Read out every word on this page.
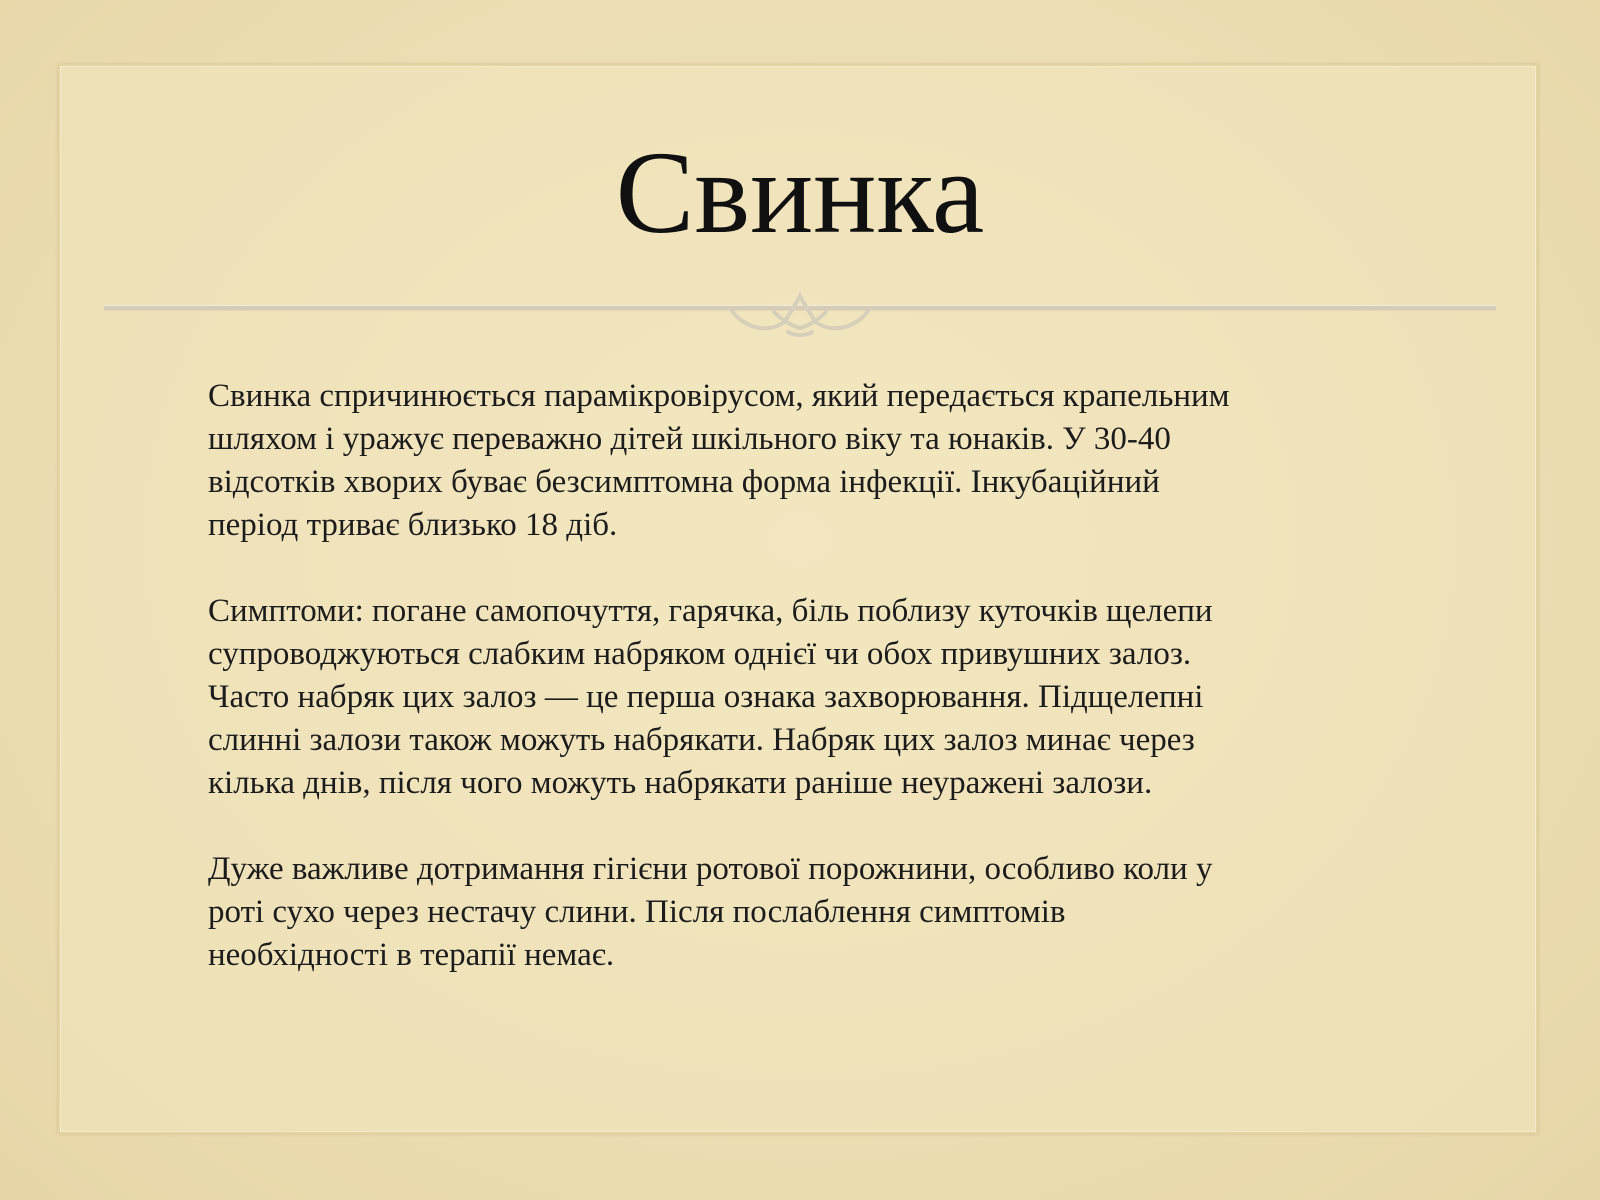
Свинка

Свинка спричинюється парамікровірусом, який передається крапельним
шляхом і уражує переважно дітей шкільного віку та юнаків. У 30-40
відсотків хворих буває безсимптомна форма інфекції. Інкубаційний
період триває близько 18 діб.

Симптоми: погане самопочуття, гарячка, біль поблизу куточків щелепи
супроводжуються слабким набряком однієї чи обох привушних залоз.
Часто набряк цих залоз — це перша ознака захворювання. Підщелепні
слинні залози також можуть набрякати. Набряк цих залоз минає через
кілька днів, після чого можуть набрякати раніше неуражені залози.

Дуже важливе дотримання гігієни ротової порожнини, особливо коли у
роті сухо через нестачу слини. Після послаблення симптомів
необхідності в терапії немає.
